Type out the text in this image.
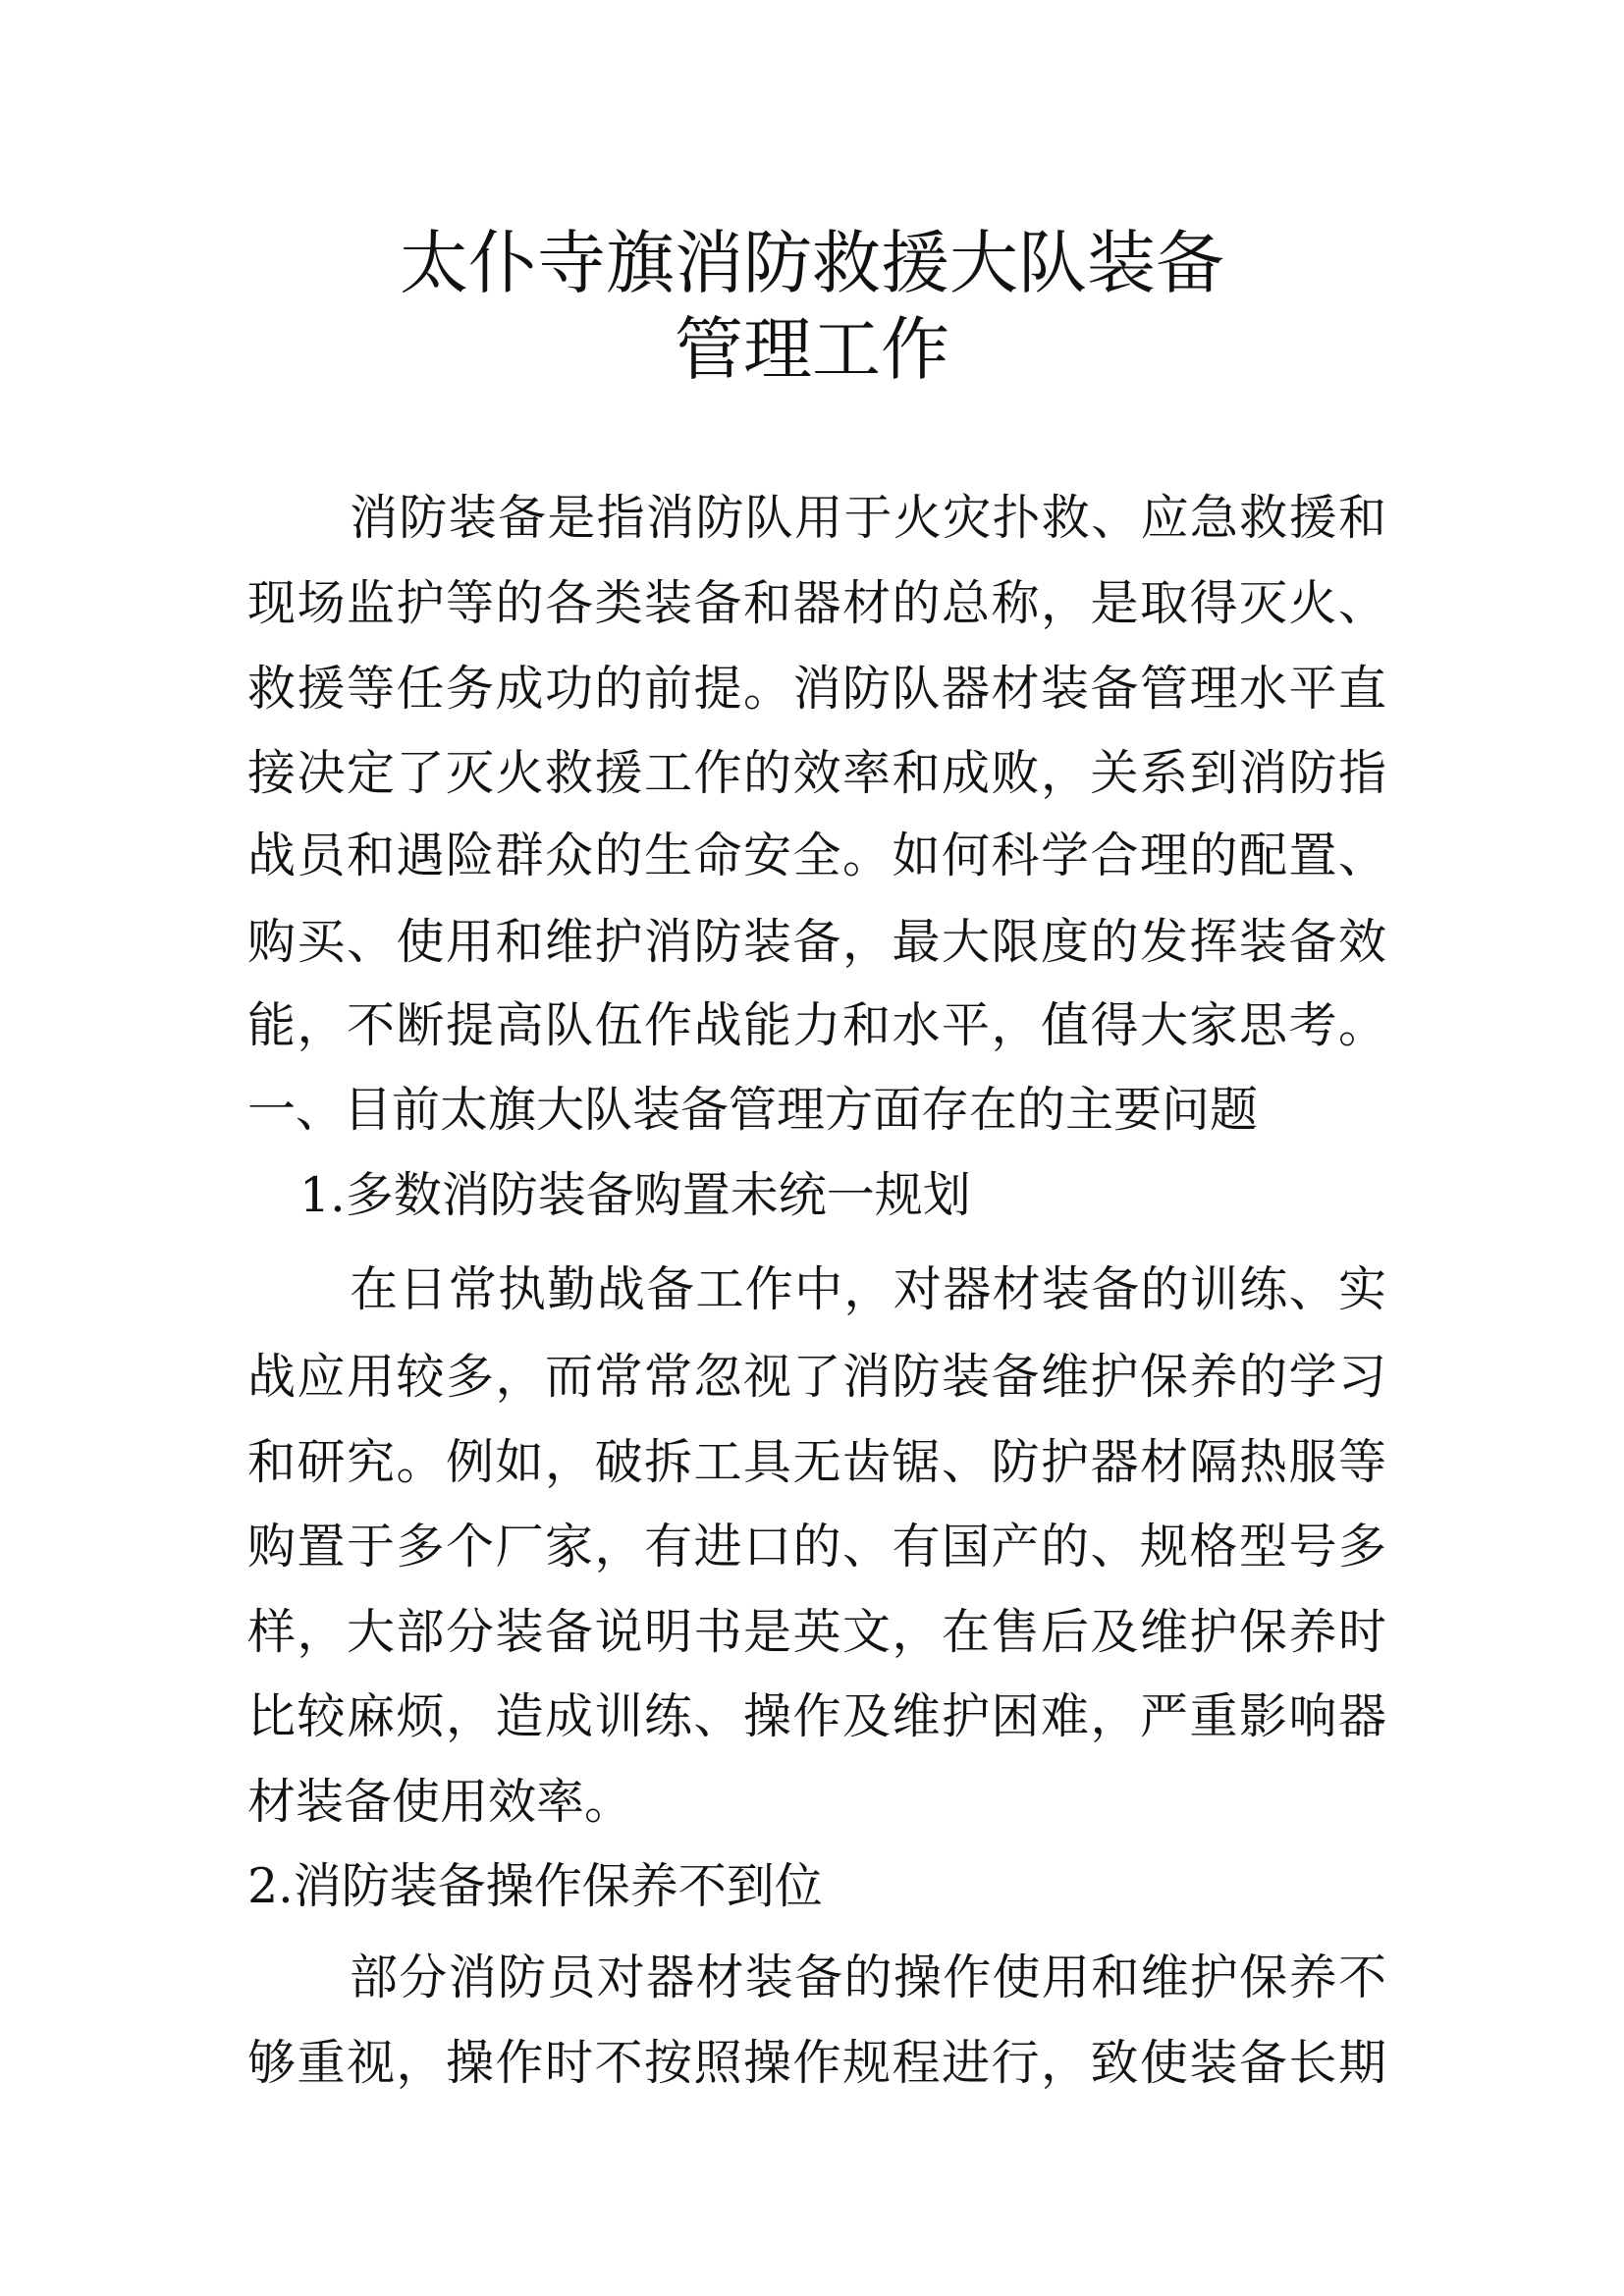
太仆寺旗消防救援大队装备
管理工作
消防装备是指消防队用于火灾扑救、应急救援和
现场监护等的各类装备和器材的总称，是取得灭火、
救援等任务成功的前提。消防队器材装备管理水平直
接决定了灭火救援工作的效率和成败，关系到消防指
战员和遇险群众的生命安全。如何科学合理的配置、
购买、使用和维护消防装备，最大限度的发挥装备效
能，不断提高队伍作战能力和水平，值得大家思考。
一、目前太旗大队装备管理方面存在的主要问题
1.多数消防装备购置未统一规划
在日常执勤战备工作中，对器材装备的训练、实
战应用较多，而常常忽视了消防装备维护保养的学习
和研究。例如，破拆工具无齿锯、防护器材隔热服等
购置于多个厂家，有进口的、有国产的、规格型号多
样，大部分装备说明书是英文，在售后及维护保养时
比较麻烦，造成训练、操作及维护困难，严重影响器
材装备使用效率。
2.消防装备操作保养不到位
部分消防员对器材装备的操作使用和维护保养不
够重视，操作时不按照操作规程进行，致使装备长期
